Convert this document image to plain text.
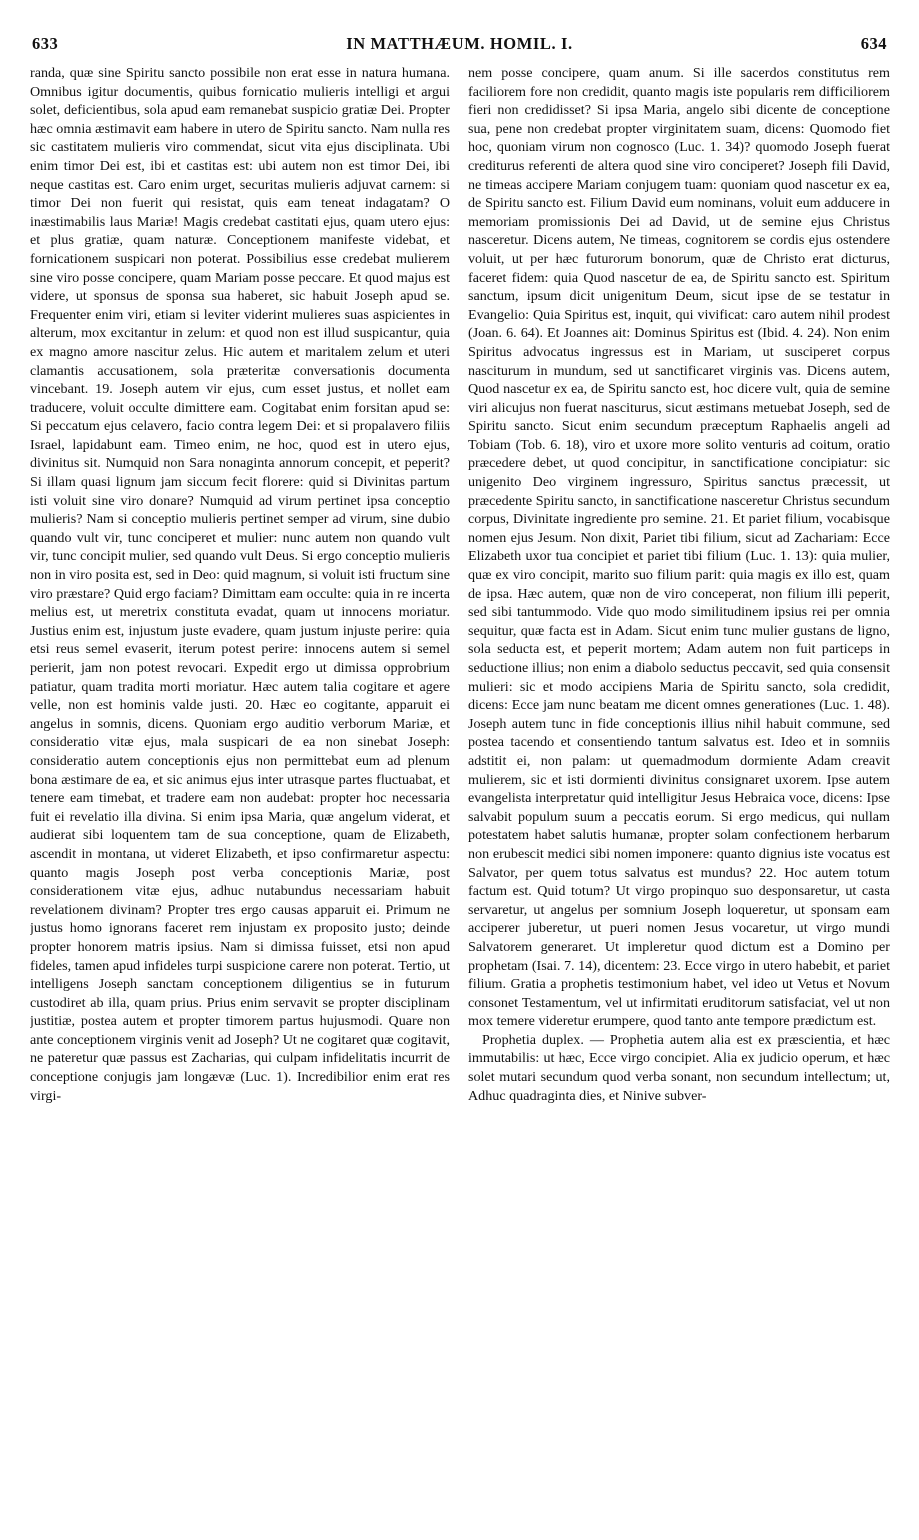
633	IN MATTHÆUM. HOMIL. I.	634

randa, quæ sine Spiritu sancto possibile non erat esse in natura humana. Omnibus igitur documentis, quibus fornicatio mulieris intelligi et argui solet, deficientibus, sola apud eam remanebat suspicio gratiæ Dei. Propter hæc omnia æstimavit eam habere in utero de Spiritu sancto. Nam nulla res sic castitatem mulieris viro commendat, sicut vita ejus disciplinata. Ubi enim timor Dei est, ibi et castitas est: ubi autem non est timor Dei, ibi neque castitas est. Caro enim urget, securitas mulieris adjuvat carnem: si timor Dei non fuerit qui resistat, quis eam teneat indagatam? O inæstimabilis laus Mariæ! Magis credebat castitati ejus, quam utero ejus: et plus gratiæ, quam naturæ. Conceptionem manifeste videbat, et fornicationem suspicari non poterat. Possibilius esse credebat mulierem sine viro posse concipere, quam Mariam posse peccare. Et quod majus est videre, ut sponsus de sponsa sua haberet, sic habuit Joseph apud se. Frequenter enim viri, etiam si leviter viderint mulieres suas aspicientes in alterum, mox excitantur in zelum: et quod non est illud suspicantur, quia ex magno amore nascitur zelus. Hic autem et maritalem zelum et uteri clamantis accusationem, sola præteritæ conversationis documenta vincebant. 19. Joseph autem vir ejus, cum esset justus, et nollet eam traducere, voluit occulte dimittere eam. Cogitabat enim forsitan apud se: Si peccatum ejus celavero, facio contra legem Dei: et si propalavero filiis Israel, lapidabunt eam. Timeo enim, ne hoc, quod est in utero ejus, divinitus sit. Numquid non Sara nonaginta annorum concepit, et peperit? Si illam quasi lignum jam siccum fecit florere: quid si Divinitas partum isti voluit sine viro donare? Numquid ad virum pertinet ipsa conceptio mulieris? Nam si conceptio mulieris pertinet semper ad virum, sine dubio quando vult vir, tunc conciperet et mulier: nunc autem non quando vult vir, tunc concipit mulier, sed quando vult Deus. Si ergo conceptio mulieris non in viro posita est, sed in Deo: quid magnum, si voluit isti fructum sine viro præstare? Quid ergo faciam? Dimittam eam occulte: quia in re incerta melius est, ut meretrix constituta evadat, quam ut innocens moriatur. Justius enim est, injustum juste evadere, quam justum injuste perire: quia etsi reus semel evaserit, iterum potest perire: innocens autem si semel perierit, jam non potest revocari. Expedit ergo ut dimissa opprobrium patiatur, quam tradita morti moriatur. Hæc autem talia cogitare et agere velle, non est hominis valde justi. 20. Hæc eo cogitante, apparuit ei angelus in somnis, dicens. Quoniam ergo auditio verborum Mariæ, et consideratio vitæ ejus, mala suspicari de ea non sinebat Joseph: consideratio autem conceptionis ejus non permittebat eum ad plenum bona æstimare de ea, et sic animus ejus inter utrasque partes fluctuabat, et tenere eam timebat, et tradere eam non audebat: propter hoc necessaria fuit ei revelatio illa divina. Si enim ipsa Maria, quæ angelum viderat, et audierat sibi loquentem tam de sua conceptione, quam de Elizabeth, ascendit in montana, ut videret Elizabeth, et ipso confirmaretur aspectu: quanto magis Joseph post verba conceptionis Mariæ, post considerationem vitæ ejus, adhuc nutabundus necessariam habuit revelationem divinam? Propter tres ergo causas apparuit ei. Primum ne justus homo ignorans faceret rem injustam ex proposito justo; deinde propter honorem matris ipsius. Nam si dimissa fuisset, etsi non apud fideles, tamen apud infideles turpi suspicione carere non poterat. Tertio, ut intelligens Joseph sanctam conceptionem diligentius se in futurum custodiret ab illa, quam prius. Prius enim servavit se propter disciplinam justitiæ, postea autem et propter timorem partus hujusmodi. Quare non ante conceptionem virginis venit ad Joseph? Ut ne cogitaret quæ cogitavit, ne pateretur quæ passus est Zacharias, qui culpam infidelitatis incurrit de conceptione conjugis jam longævæ (Luc. 1). Incredibilior enim erat res virgi-

nem posse concipere, quam anum. Si ille sacerdos constitutus rem faciliorem fore non credidit, quanto magis iste popularis rem difficiliorem fieri non credidisset? Si ipsa Maria, angelo sibi dicente de conceptione sua, pene non credebat propter virginitatem suam, dicens: Quomodo fiet hoc, quoniam virum non cognosco (Luc. 1. 34)? quomodo Joseph fuerat crediturus referenti de altera quod sine viro conciperet? Joseph fili David, ne timeas accipere Mariam conjugem tuam: quoniam quod nascetur ex ea, de Spiritu sancto est. Filium David eum nominans, voluit eum adducere in memoriam promissionis Dei ad David, ut de semine ejus Christus nasceretur. Dicens autem, Ne timeas, cognitorem se cordis ejus ostendere voluit, ut per hæc futurorum bonorum, quæ de Christo erat dicturus, faceret fidem: quia Quod nascetur de ea, de Spiritu sancto est. Spiritum sanctum, ipsum dicit unigenitum Deum, sicut ipse de se testatur in Evangelio: Quia Spiritus est, inquit, qui vivificat: caro autem nihil prodest (Joan. 6. 64). Et Joannes ait: Dominus Spiritus est (Ibid. 4. 24). Non enim Spiritus advocatus ingressus est in Mariam, ut susciperet corpus nasciturum in mundum, sed ut sanctificaret virginis vas. Dicens autem, Quod nascetur ex ea, de Spiritu sancto est, hoc dicere vult, quia de semine viri alicujus non fuerat nasciturus, sicut æstimans metuebat Joseph, sed de Spiritu sancto. Sicut enim secundum præceptum Raphaelis angeli ad Tobiam (Tob. 6. 18), viro et uxore more solito venturis ad coitum, oratio præcedere debet, ut quod concipitur, in sanctificatione concipiatur: sic unigenito Deo virginem ingressuro, Spiritus sanctus præcessit, ut præcedente Spiritu sancto, in sanctificatione nasceretur Christus secundum corpus, Divinitate ingrediente pro semine. 21. Et pariet filium, vocabisque nomen ejus Jesum. Non dixit, Pariet tibi filium, sicut ad Zachariam: Ecce Elizabeth uxor tua concipiet et pariet tibi filium (Luc. 1. 13): quia mulier, quæ ex viro concipit, marito suo filium parit: quia magis ex illo est, quam de ipsa. Hæc autem, quæ non de viro conceperat, non filium illi peperit, sed sibi tantummodo. Vide quo modo similitudinem ipsius rei per omnia sequitur, quæ facta est in Adam. Sicut enim tunc mulier gustans de ligno, sola seducta est, et peperit mortem; Adam autem non fuit particeps in seductione illius; non enim a diabolo seductus peccavit, sed quia consensit mulieri: sic et modo accipiens Maria de Spiritu sancto, sola credidit, dicens: Ecce jam nunc beatam me dicent omnes generationes (Luc. 1. 48). Joseph autem tunc in fide conceptionis illius nihil habuit commune, sed postea tacendo et consentiendo tantum salvatus est. Ideo et in somniis adstitit ei, non palam: ut quemadmodum dormiente Adam creavit mulierem, sic et isti dormienti divinitus consignaret uxorem. Ipse autem evangelista interpretatur quid intelligitur Jesus Hebraica voce, dicens: Ipse salvabit populum suum a peccatis eorum. Si ergo medicus, qui nullam potestatem habet salutis humanæ, propter solam confectionem herbarum non erubescit medici sibi nomen imponere: quanto dignius iste vocatus est Salvator, per quem totus salvatus est mundus? 22. Hoc autem totum factum est. Quid totum? Ut virgo propinquo suo desponsaretur, ut casta servaretur, ut angelus per somnium Joseph loqueretur, ut sponsam eam acciperer juberetur, ut pueri nomen Jesus vocaretur, ut virgo mundi Salvatorem generaret. Ut impleretur quod dictum est a Domino per prophetam (Isai. 7. 14), dicentem: 23. Ecce virgo in utero habebit, et pariet filium. Gratia a prophetis testimonium habet, vel ideo ut Vetus et Novum consonet Testamentum, vel ut infirmitati eruditorum satisfaciat, vel ut non mox temere videretur erumpere, quod tanto ante tempore prædictum est.

Prophetia duplex. — Prophetia autem alia est ex præscientia, et hæc immutabilis: ut hæc, Ecce virgo concipiet. Alia ex judicio operum, et hæc solet mutari secundum quod verba sonant, non secundum intellectum; ut, Adhuc quadraginta dies, et Ninive subver-
